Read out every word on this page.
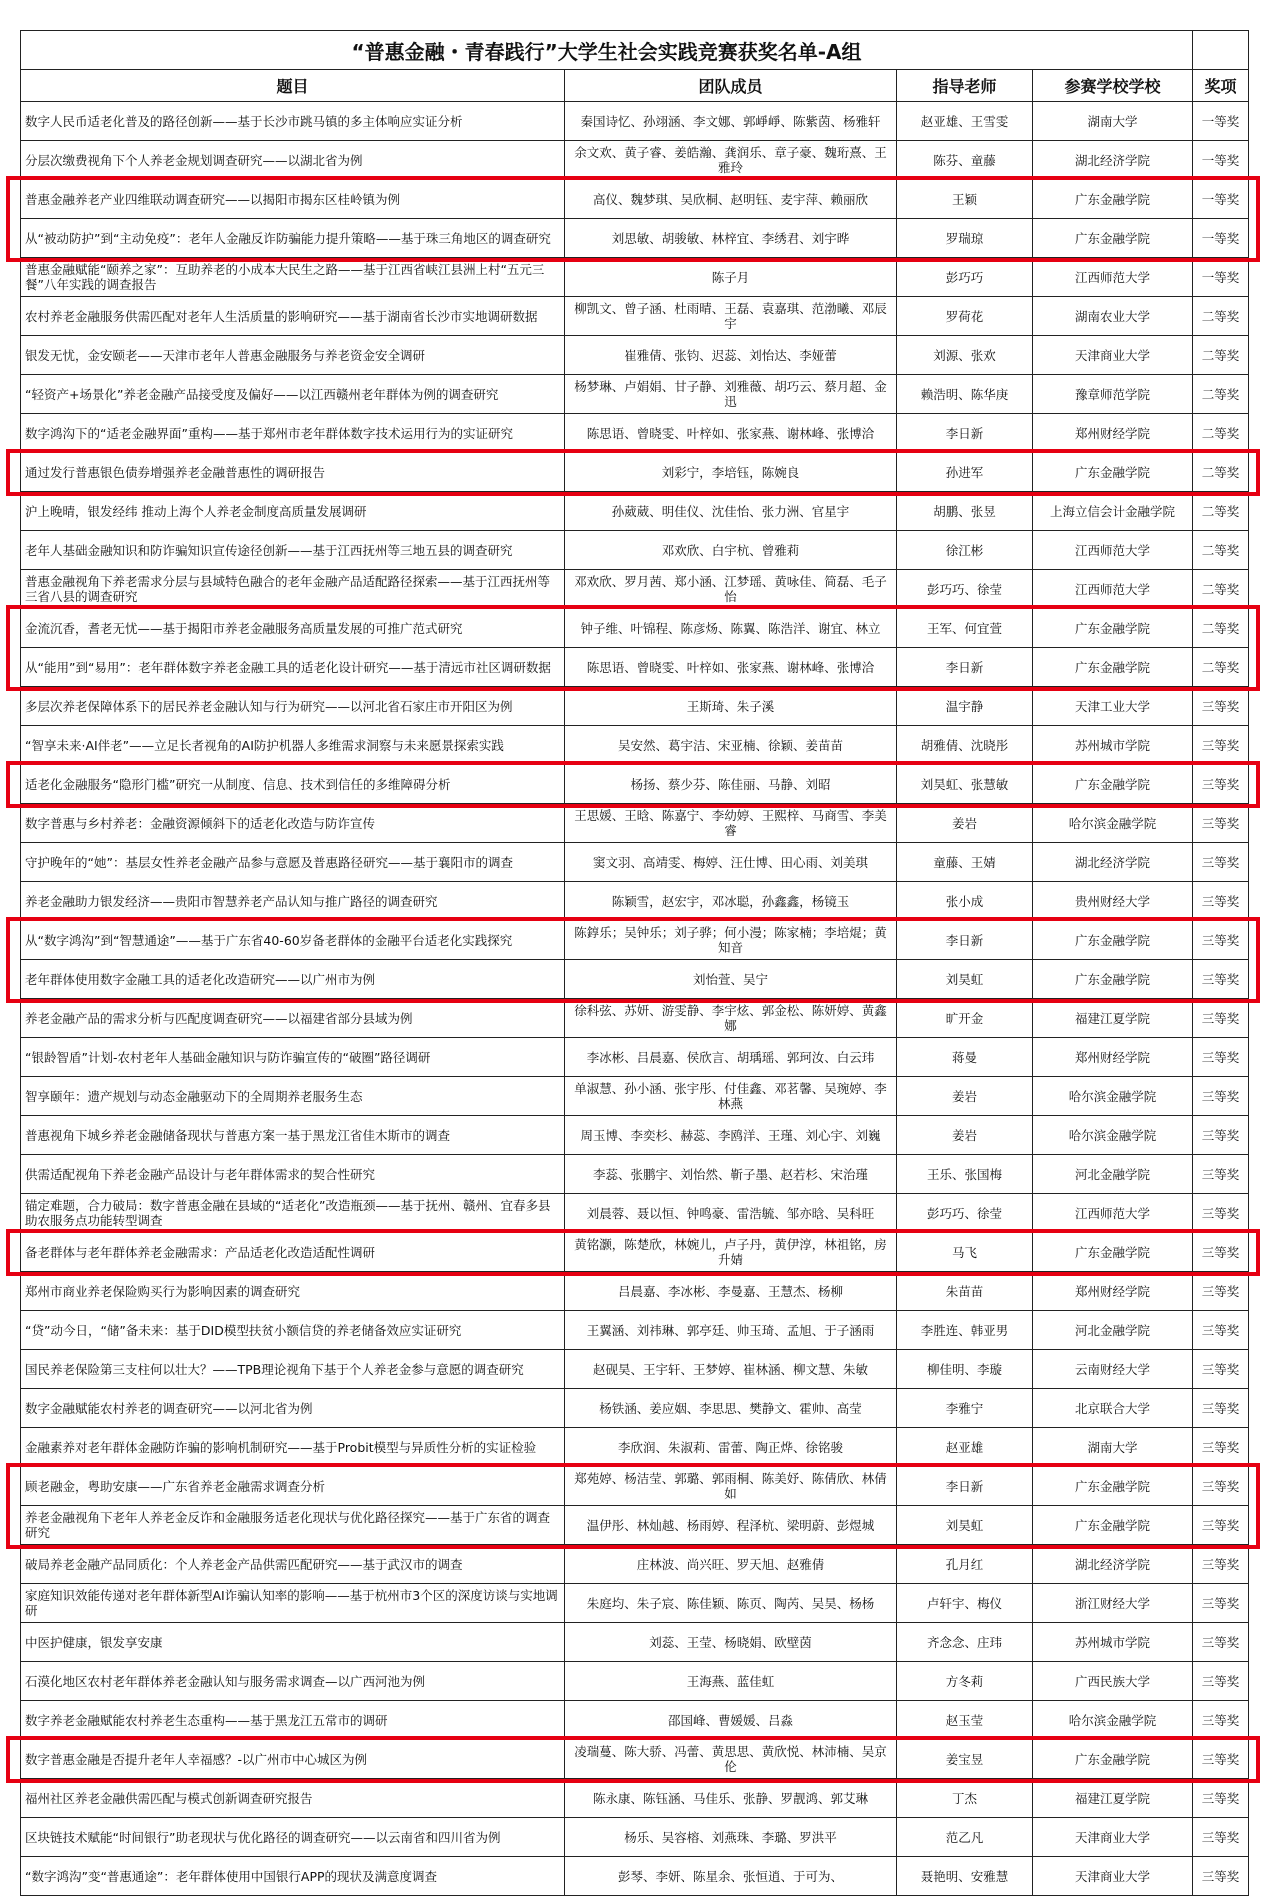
“普惠金融・青春践行”大学生社会实践竞赛获奖名单-A组				
题目	团队成员	指导老师	参赛学校学校	奖项

数字人民币适老化普及的路径创新——基于长沙市跳马镇的多主体响应实证分析	秦国诗忆、孙翊涵、李文娜、郭崢崢、陈紫茵、杨雅轩	赵亚雄、王雪雯	湖南大学	一等奖

分层次缴费视角下个人养老金规划调查研究——以湖北省为例	余文欢、黄子睿、姜皓瀚、龚润乐、章子豪、魏珩熹、王雅玲	陈芬、童藤	湖北经济学院	一等奖

普惠金融养老产业四维联动调查研究——以揭阳市揭东区桂岭镇为例	高仪、魏梦琪、吴欣桐、赵明钰、麦宇萍、赖丽欣	王颖	广东金融学院	一等奖

从“被动防护”到“主动免疫”：老年人金融反诈防骗能力提升策略——基于珠三角地区的调查研究	刘思敏、胡骏敏、林梓宜、李绣君、刘宇晔	罗瑞琼	广东金融学院	一等奖

普惠金融赋能“颐养之家”：互助养老的小成本大民生之路——基于江西省峡江县洲上村“五元三餐”八年实践的调查报告	陈子月	彭巧巧	江西师范大学	一等奖

农村养老金融服务供需匹配对老年人生活质量的影响研究——基于湖南省长沙市实地调研数据	柳凯文、曾子涵、杜雨晴、王磊、袁嘉琪、范渤曦、邓辰宇	罗荷花	湖南农业大学	二等奖

银发无忧，金安颐老——天津市老年人普惠金融服务与养老资金安全调研	崔雅倩、张钧、迟蕊、刘怡达、李娅蕾	刘源、张欢	天津商业大学	二等奖

“轻资产+场景化”养老金融产品接受度及偏好——以江西赣州老年群体为例的调查研究	杨梦琳、卢娟娟、甘子静、刘雅薇、胡巧云、蔡月超、金迅	赖浩明、陈华庚	豫章师范学院	二等奖

数字鸿沟下的“适老金融界面”重构——基于郑州市老年群体数字技术运用行为的实证研究	陈思语、曾晓雯、叶梓如、张家燕、谢林峰、张博洽	李日新	郑州财经学院	二等奖

通过发行普惠银色债券增强养老金融普惠性的调研报告	刘彩宁，李培钰，陈婉良	孙进军	广东金融学院	二等奖

沪上晚晴，银发经纬 推动上海个人养老金制度高质量发展调研	孙葳葳、明佳仪、沈佳怡、张力洲、官星宇	胡鹏、张昱	上海立信会计金融学院	二等奖

老年人基础金融知识和防诈骗知识宣传途径创新——基于江西抚州等三地五县的调查研究	邓欢欣、白宇杭、曾雅莉	徐江彬	江西师范大学	二等奖

普惠金融视角下养老需求分层与县域特色融合的老年金融产品适配路径探索——基于江西抚州等三省八县的调查研究	邓欢欣、罗月茜、郑小涵、江梦瑶、黄咏佳、简磊、毛子怡	彭巧巧、徐莹	江西师范大学	二等奖

金流沉香，耆老无忧——基于揭阳市养老金融服务高质量发展的可推广范式研究	钟子维、叶锦程、陈彦炀、陈翼、陈浩洋、谢宜、林立	王军、何宜萱	广东金融学院	二等奖

从“能用”到“易用”：老年群体数字养老金融工具的适老化设计研究——基于清远市社区调研数据	陈思语、曾晓雯、叶梓如、张家燕、谢林峰、张博洽	李日新	广东金融学院	二等奖

多层次养老保障体系下的居民养老金融认知与行为研究——以河北省石家庄市开阳区为例	王斯琦、朱子溪	温宇静	天津工业大学	三等奖

“智享未来·AI伴老”——立足长者视角的AI防护机器人多维需求洞察与未来愿景探索实践	吴安然、葛宇洁、宋亚楠、徐颖、姜苗苗	胡雅倩、沈晓彤	苏州城市学院	三等奖

适老化金融服务“隐形门槛”研究一从制度、信息、技术到信任的多维障碍分析	杨扬、蔡少芬、陈佳丽、马静、刘昭	刘昊虹、张慧敏	广东金融学院	三等奖

数字普惠与乡村养老：金融资源倾斜下的适老化改造与防诈宣传	王思媛、王晗、陈嘉宁、李幼婷、王熙梓、马商雪、李美睿	姜岩	哈尔滨金融学院	三等奖

守护晚年的“她”：基层女性养老金融产品参与意愿及普惠路径研究——基于襄阳市的调查	窦文羽、高靖雯、梅婷、汪仕博、田心雨、刘美琪	童藤、王婧	湖北经济学院	三等奖

养老金融助力银发经济——贵阳市智慧养老产品认知与推广路径的调查研究	陈颖雪，赵宏宇，邓冰聪，孙鑫鑫，杨镜玉	张小成	贵州财经大学	三等奖

从“数字鸿沟”到“智慧通途”——基于广东省40-60岁备老群体的金融平台适老化实践探究	陈錞乐；吴钟乐；刘子骅；何小漫；陈家楠；李培焜；黄知音	李日新	广东金融学院	三等奖

老年群体使用数字金融工具的适老化改造研究——以广州市为例	刘怡萱、吴宁	刘昊虹	广东金融学院	三等奖

养老金融产品的需求分析与匹配度调查研究——以福建省部分县域为例	徐科弦、苏妍、游雯静、李宇炫、郭金松、陈妍婷、黄鑫娜	旷开金	福建江夏学院	三等奖

“银龄智盾”计划-农村老年人基础金融知识与防诈骗宣传的“破圈”路径调研	李冰彬、吕晨嘉、侯欣言、胡瑀瑶、郭珂汝、白云玮	蒋曼	郑州财经学院	三等奖

智享颐年：遗产规划与动态金融驱动下的全周期养老服务生态	单淑慧、孙小涵、张宇彤、付佳鑫、邓茗馨、吴琬婷、李林燕	姜岩	哈尔滨金融学院	三等奖

普惠视角下城乡养老金融储备现状与普惠方案一基于黑龙江省佳木斯市的调查	周玉博、李奕杉、赫蕊、李鸥洋、王瑾、刘心宇、刘巍	姜岩	哈尔滨金融学院	三等奖

供需适配视角下养老金融产品设计与老年群体需求的契合性研究	李蕊、张鹏宇、刘怡然、靳子墨、赵若杉、宋治瑾	王乐、张国梅	河北金融学院	三等奖

锚定难题，合力破局：数字普惠金融在县域的“适老化”改造瓶颈——基于抚州、赣州、宜春多县助农服务点功能转型调查	刘晨蓉、聂以恒、钟鸣豪、雷浩毓、邹亦晗、吴科旺	彭巧巧、徐莹	江西师范大学	三等奖

备老群体与老年群体养老金融需求：产品适老化改造适配性调研	黄铭灏，陈楚欣，林婉儿，卢子丹，黄伊淳，林祖铭，房升婧	马飞	广东金融学院	三等奖

郑州市商业养老保险购买行为影响因素的调查研究	吕晨嘉、李冰彬、李曼嘉、王慧杰、杨柳	朱苗苗	郑州财经学院	三等奖

“贷”动今日，“储”备未来：基于DID模型扶贫小额信贷的养老储备效应实证研究	王翼涵、刘祎琳、郭亭廷、帅玉琦、孟旭、于子涵雨	李胜连、韩亚男	河北金融学院	三等奖

国民养老保险第三支柱何以壮大？——TPB理论视角下基于个人养老金参与意愿的调查研究	赵砚昊、王宇轩、王梦婷、崔林涵、柳文慧、朱敏	柳佳明、李璇	云南财经大学	三等奖

数字金融赋能农村养老的调查研究——以河北省为例	杨铁涵、姜应姻、李思思、樊静文、霍帅、高莹	李雅宁	北京联合大学	三等奖

金融素养对老年群体金融防诈骗的影响机制研究——基于Probit模型与异质性分析的实证检验	李欣润、朱淑莉、雷蕾、陶正烨、徐铭骏	赵亚雄	湖南大学	三等奖

顾老融金，粤助安康——广东省养老金融需求调查分析	郑苑婷、杨洁莹、郭璐、郭雨桐、陈美妤、陈倩欣、林倩如	李日新	广东金融学院	三等奖

养老金融视角下老年人养老金反诈和金融服务适老化现状与优化路径探究——基于广东省的调查研究	温伊彤、林灿越、杨雨婷、程泽杭、梁明蔚、彭煜城	刘昊虹	广东金融学院	三等奖

破局养老金融产品同质化：个人养老金产品供需匹配研究——基于武汉市的调查	庄林波、尚兴旺、罗天旭、赵雅倩	孔月红	湖北经济学院	三等奖

家庭知识效能传递对老年群体新型AI诈骗认知率的影响——基于杭州市3个区的深度访谈与实地调研	朱庭均、朱子宸、陈佳颖、陈页、陶芮、吴昊、杨杨	卢轩宇、梅仪	浙江财经大学	三等奖

中医护健康，银发享安康	刘蕊、王莹、杨晓娟、欧壁茵	齐念念、庄玮	苏州城市学院	三等奖

石漠化地区农村老年群体养老金融认知与服务需求调查—以广西河池为例	王海燕、蓝佳虹	方冬莉	广西民族大学	三等奖

数字养老金融赋能农村养老生态重构——基于黑龙江五常市的调研	邵国峰、曹媛媛、吕淼	赵玉莹	哈尔滨金融学院	三等奖

数字普惠金融是否提升老年人幸福感？-以广州市中心城区为例	凌瑞蔓、陈大骄、冯蕾、黄思思、黄欣悦、林沛楠、吴京伦	姜宝昱	广东金融学院	三等奖

福州社区养老金融供需匹配与模式创新调查研究报告	陈永康、陈钰涵、马佳乐、张静、罗靓鸿、郭艾琳	丁杰	福建江夏学院	三等奖

区块链技术赋能“时间银行”助老现状与优化路径的调查研究——以云南省和四川省为例	杨乐、吴容榕、刘燕珠、李璐、罗洪平	范乙凡	天津商业大学	三等奖

“数字鸿沟”变“普惠通途”：老年群体使用中国银行APP的现状及满意度调查	彭琴、李妍、陈星余、张恒逍、于可为、	聂艳明、安雅慧	天津商业大学	三等奖
